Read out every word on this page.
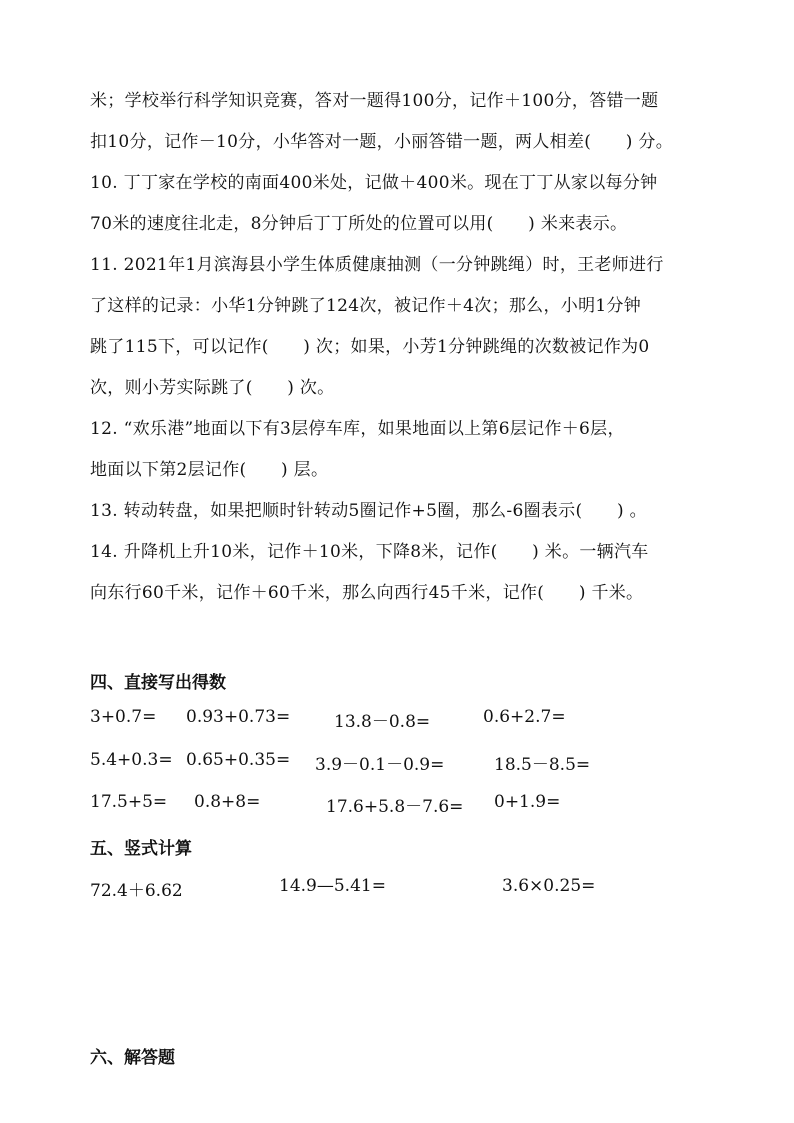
米；学校举行科学知识竞赛，答对一题得100分，记作＋100分，答错一题
扣10分，记作－10分，小华答对一题，小丽答错一题，两人相差(　　) 分。
10. 丁丁家在学校的南面400米处，记做＋400米。现在丁丁从家以每分钟
70米的速度往北走，8分钟后丁丁所处的位置可以用(　　) 米来表示。
11. 2021年1月滨海县小学生体质健康抽测（一分钟跳绳）时，王老师进行
了这样的记录：小华1分钟跳了124次，被记作＋4次；那么，小明1分钟
跳了115下，可以记作(　　) 次；如果，小芳1分钟跳绳的次数被记作为0
次，则小芳实际跳了(　　) 次。
12. “欢乐港”地面以下有3层停车库，如果地面以上第6层记作＋6层，
地面以下第2层记作(　　) 层。
13. 转动转盘，如果把顺时针转动5圈记作+5圈，那么-6圈表示(　　) 。
14. 升降机上升10米，记作＋10米，下降8米，记作(　　) 米。一辆汽车
向东行60千米，记作＋60千米，那么向西行45千米，记作(　　) 千米。
四、直接写出得数
3+0.7= 0.93+0.73=	13.8－0.8=	0.6+2.7=
5.4+0.3= 0.65+0.35= 3.9－0.1－0.9=	18.5－8.5=
17.5+5= 0.8+8=	17.6+5.8－7.6= 0+1.9=
五、竖式计算
72.4＋6.62	14.9—5.41=	3.6×0.25=
六、解答题
